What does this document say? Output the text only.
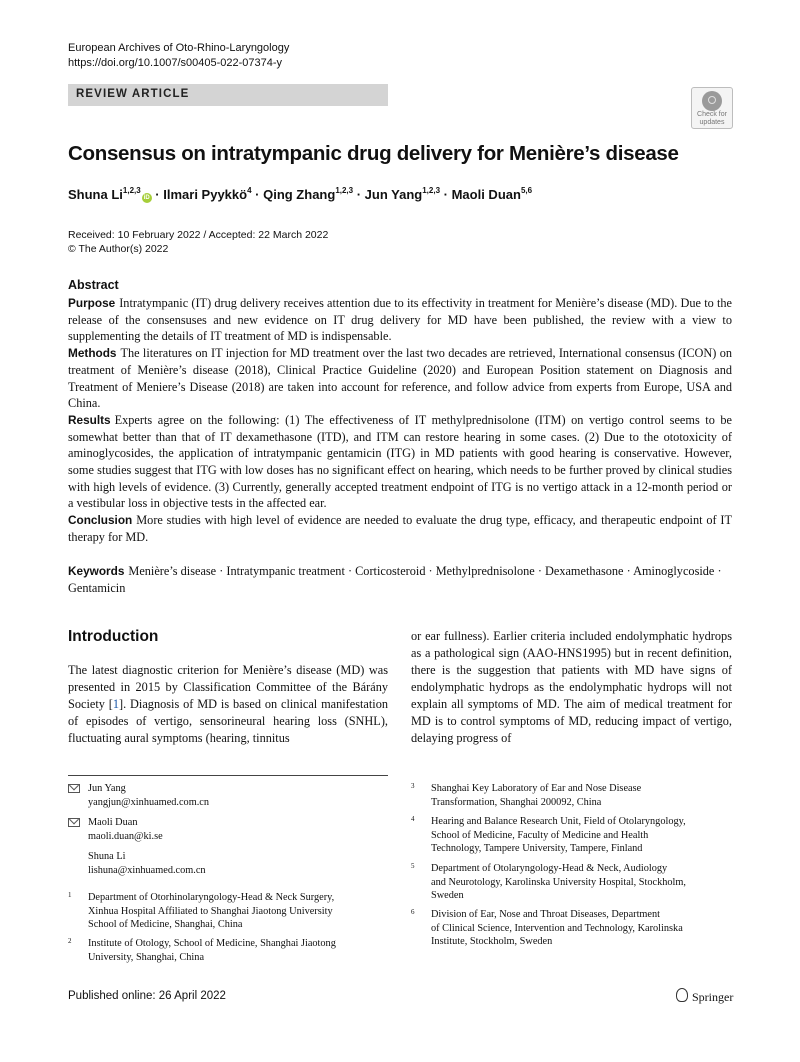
European Archives of Oto-Rhino-Laryngology
https://doi.org/10.1007/s00405-022-07374-y
REVIEW ARTICLE
Check for
updates
Consensus on intratympanic drug delivery for Menière’s disease
Shuna Li$^{1,2,3}$iD · Ilmari Pyykkö$^4$ · Qing Zhang$^{1,2,3}$ · Jun Yang$^{1,2,3}$ · Maoli Duan$^{5,6}$
Received: 10 February 2022 / Accepted: 22 March 2022
© The Author(s) 2022
Abstract

Purpose Intratympanic (IT) drug delivery receives attention due to its effectivity in treatment for Menière’s disease (MD). Due to the release of the consensuses and new evidence on IT drug delivery for MD have been published, the review with a view to supplementing the details of IT treatment of MD is indispensable.

Methods The literatures on IT injection for MD treatment over the last two decades are retrieved, International consensus (ICON) on treatment of Menière’s disease (2018), Clinical Practice Guideline (2020) and European Position statement on Diagnosis and Treatment of Meniere’s Disease (2018) are taken into account for reference, and follow advice from experts from Europe, USA and China.

Results Experts agree on the following: (1) The effectiveness of IT methylprednisolone (ITM) on vertigo control seems to be somewhat better than that of IT dexamethasone (ITD), and ITM can restore hearing in some cases. (2) Due to the ototoxicity of aminoglycosides, the application of intratympanic gentamicin (ITG) in MD patients with good hearing is conservative. However, some studies suggest that ITG with low doses has no significant effect on hearing, which needs to be further proved by clinical studies with high levels of evidence. (3) Currently, generally accepted treatment endpoint of ITG is no vertigo attack in a 12-month period or a vestibular loss in objective tests in the affected ear.

Conclusion More studies with high level of evidence are needed to evaluate the drug type, efficacy, and therapeutic endpoint of IT therapy for MD.

Keywords Menière’s disease · Intratympanic treatment · Corticosteroid · Methylprednisolone · Dexamethasone · Aminoglycoside · Gentamicin
Introduction
The latest diagnostic criterion for Menière’s disease (MD) was presented in 2015 by Classification Committee of the Bárány Society [1]. Diagnosis of MD is based on clinical manifestation of episodes of vertigo, sensorineural hearing loss (SNHL), fluctuating aural symptoms (hearing, tinnitus
or ear fullness). Earlier criteria included endolymphatic hydrops as a pathological sign (AAO-HNS1995) but in recent definition, there is the suggestion that patients with MD have signs of endolymphatic hydrops as the endolymphatic hydrops will not explain all symptoms of MD. The aim of medical treatment for MD is to control symptoms of MD, reducing impact of vertigo, delaying progress of
Jun Yang
yangjun@xinhuamed.com.cn
Maoli Duan
maoli.duan@ki.se
Shuna Li
lishuna@xinhuamed.com.cn
1 Department of Otorhinolaryngology-Head & Neck Surgery,
Xinhua Hospital Affiliated to Shanghai Jiaotong University
School of Medicine, Shanghai, China
2 Institute of Otology, School of Medicine, Shanghai Jiaotong
University, Shanghai, China
3 Shanghai Key Laboratory of Ear and Nose Disease
Transformation, Shanghai 200092, China
4 Hearing and Balance Research Unit, Field of Otolaryngology,
School of Medicine, Faculty of Medicine and Health
Technology, Tampere University, Tampere, Finland
5 Department of Otolaryngology-Head & Neck, Audiology
and Neurotology, Karolinska University Hospital, Stockholm,
Sweden
6 Division of Ear, Nose and Throat Diseases, Department
of Clinical Science, Intervention and Technology, Karolinska
Institute, Stockholm, Sweden
Published online: 26 April 2022	Springer
